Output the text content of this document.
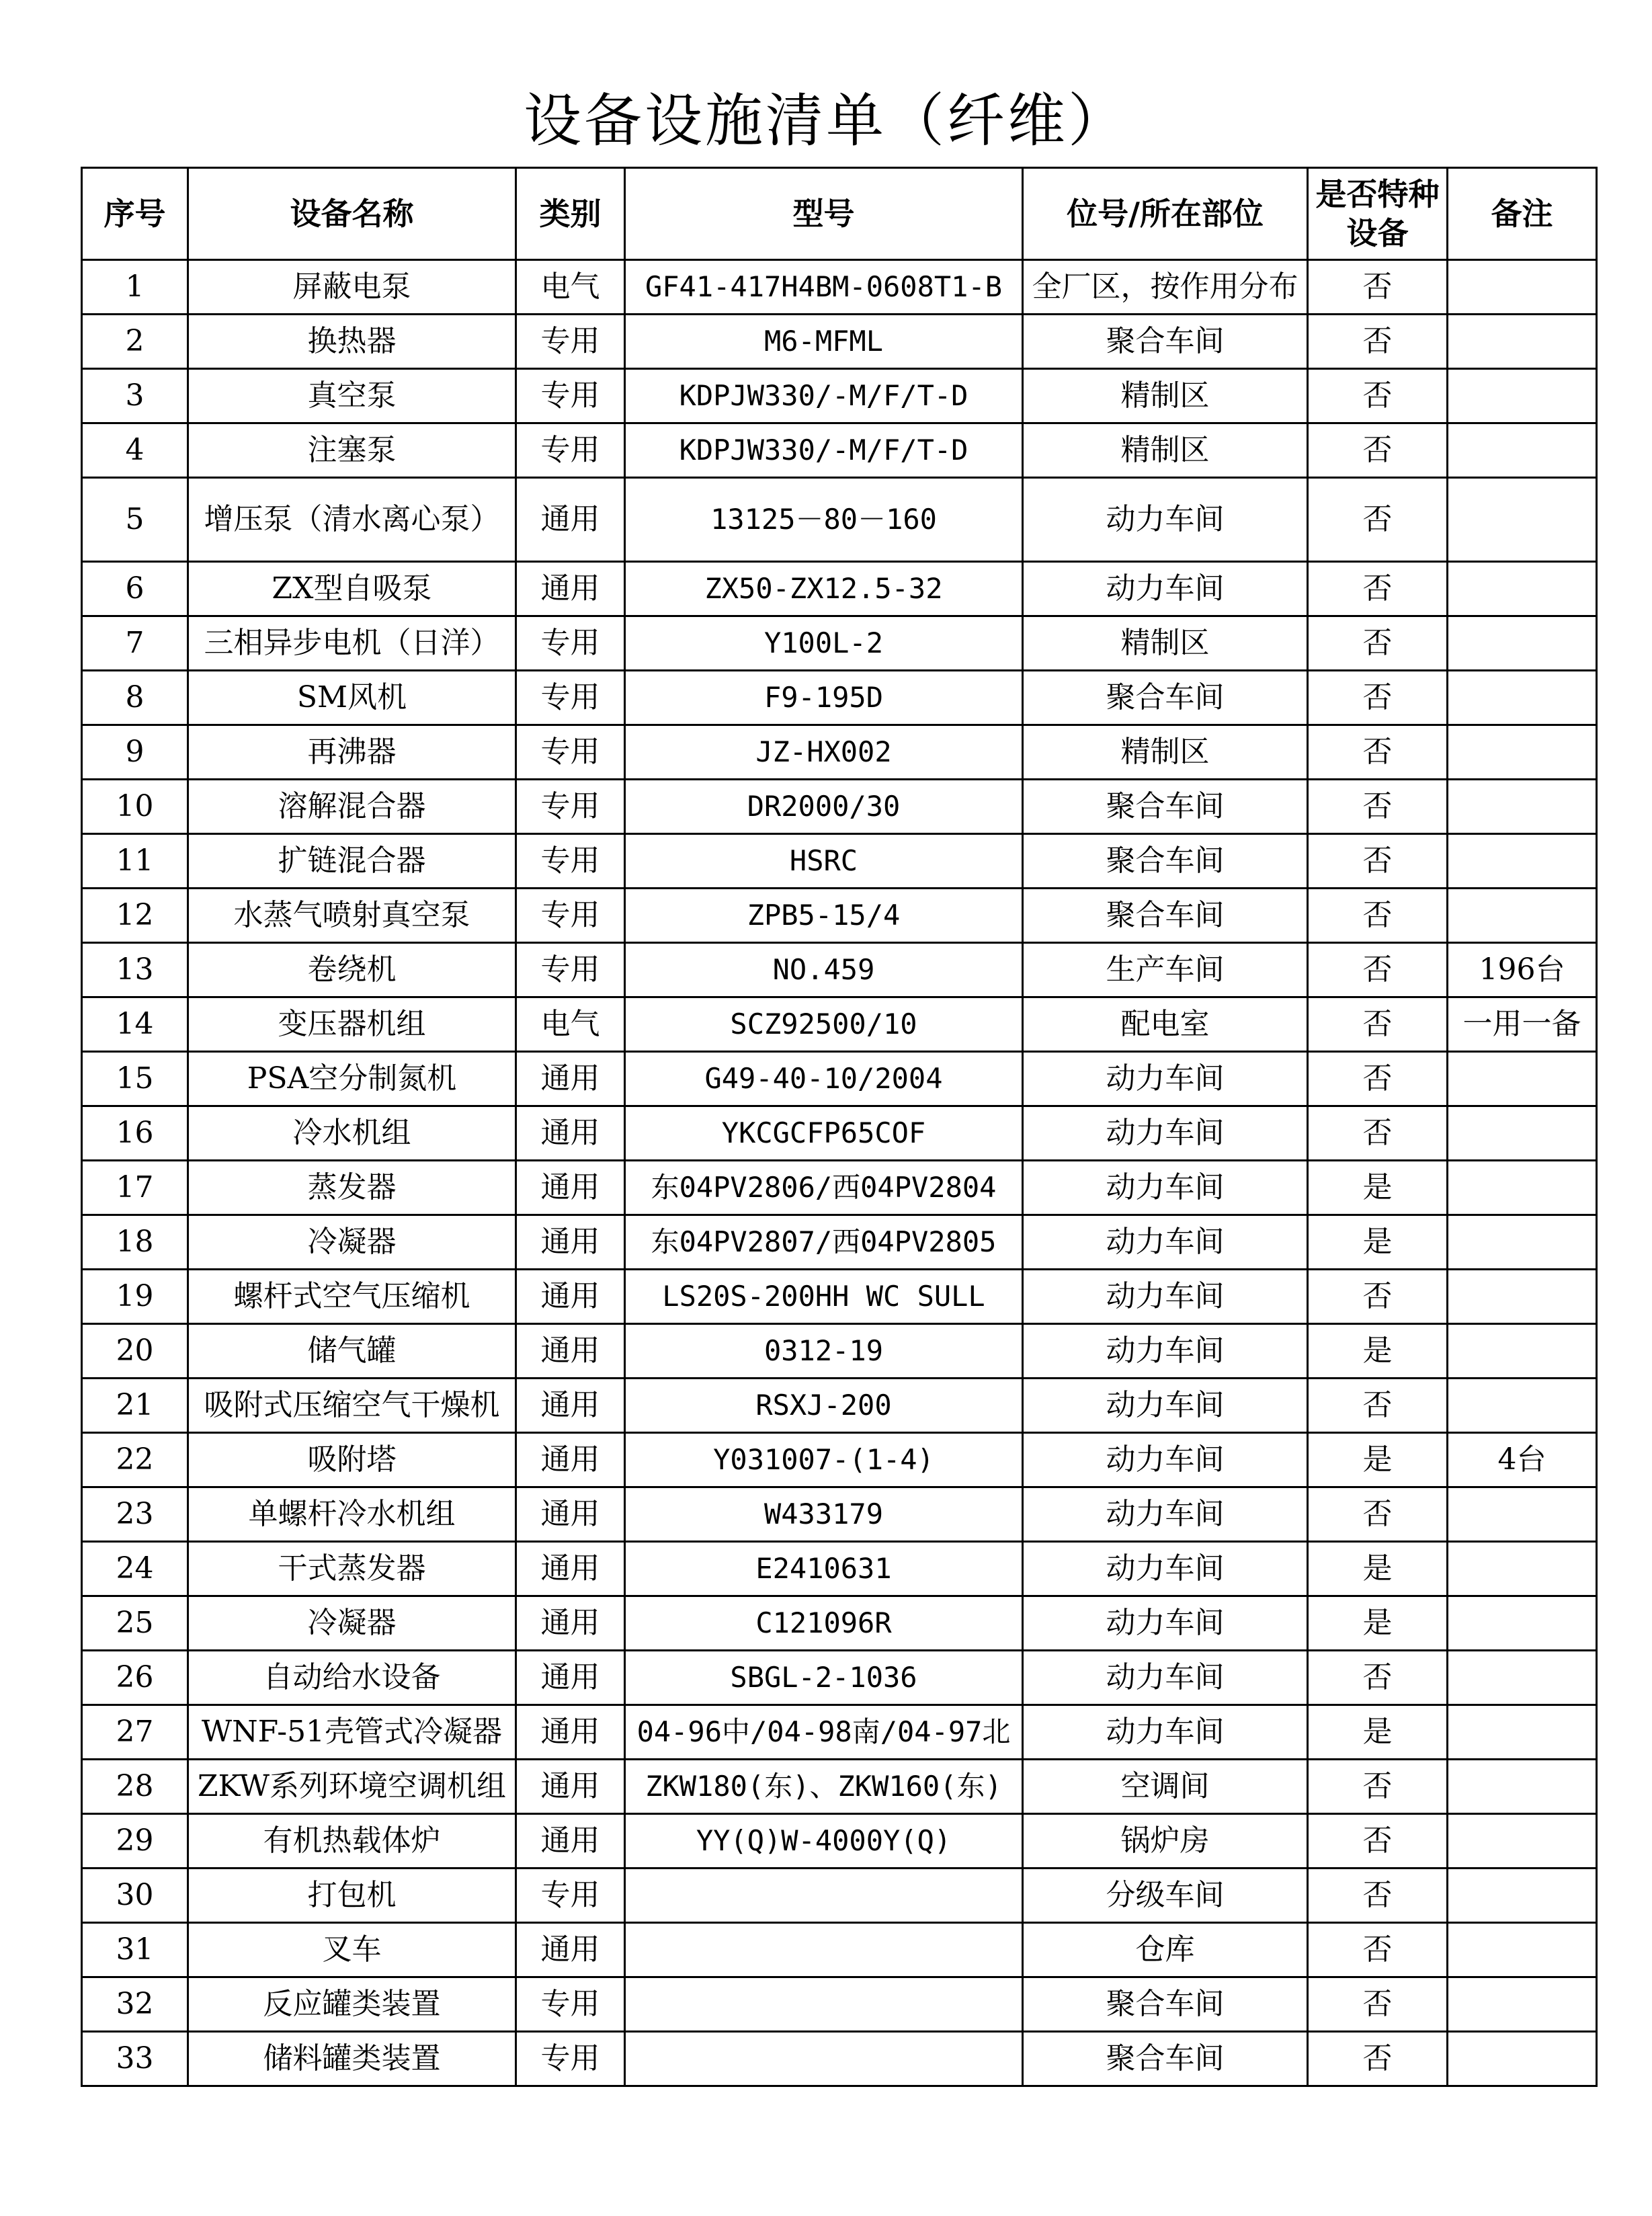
设备设施清单（纤维）
序号	设备名称	类别	型号	位号/所在部位	是否特种设备	备注
1	屏蔽电泵	电气	GF41-417H4BM-0608T1-B	全厂区，按作用分布	否	
2	换热器	专用	M6-MFML	聚合车间	否	
3	真空泵	专用	KDPJW330/-M/F/T-D	精制区	否	
4	注塞泵	专用	KDPJW330/-M/F/T-D	精制区	否	
5	增压泵（清水离心泵）	通用	13125－80－160	动力车间	否	
6	ZX型自吸泵	通用	ZX50-ZX12.5-32	动力车间	否	
7	三相异步电机（日洋）	专用	Y100L-2	精制区	否	
8	SM风机	专用	F9-195D	聚合车间	否	
9	再沸器	专用	JZ-HX002	精制区	否	
10	溶解混合器	专用	DR2000/30	聚合车间	否	
11	扩链混合器	专用	HSRC	聚合车间	否	
12	水蒸气喷射真空泵	专用	ZPB5-15/4	聚合车间	否	
13	卷绕机	专用	NO.459	生产车间	否	196台
14	变压器机组	电气	SCZ92500/10	配电室	否	一用一备
15	PSA空分制氮机	通用	G49-40-10/2004	动力车间	否	
16	冷水机组	通用	YKCGCFP65COF	动力车间	否	
17	蒸发器	通用	东04PV2806/西04PV2804	动力车间	是	
18	冷凝器	通用	东04PV2807/西04PV2805	动力车间	是	
19	螺杆式空气压缩机	通用	LS20S-200HH WC SULL	动力车间	否	
20	储气罐	通用	0312-19	动力车间	是	
21	吸附式压缩空气干燥机	通用	RSXJ-200	动力车间	否	
22	吸附塔	通用	Y031007-(1-4)	动力车间	是	4台
23	单螺杆冷水机组	通用	W433179	动力车间	否	
24	干式蒸发器	通用	E2410631	动力车间	是	
25	冷凝器	通用	C121096R	动力车间	是	
26	自动给水设备	通用	SBGL-2-1036	动力车间	否	
27	WNF-51壳管式冷凝器	通用	04-96中/04-98南/04-97北	动力车间	是	
28	ZKW系列环境空调机组	通用	ZKW180(东)、ZKW160(东)	空调间	否	
29	有机热载体炉	通用	YY(Q)W-4000Y(Q)	锅炉房	否	
30	打包机	专用		分级车间	否	
31	叉车	通用		仓库	否	
32	反应罐类装置	专用		聚合车间	否	
33	储料罐类装置	专用		聚合车间	否	
